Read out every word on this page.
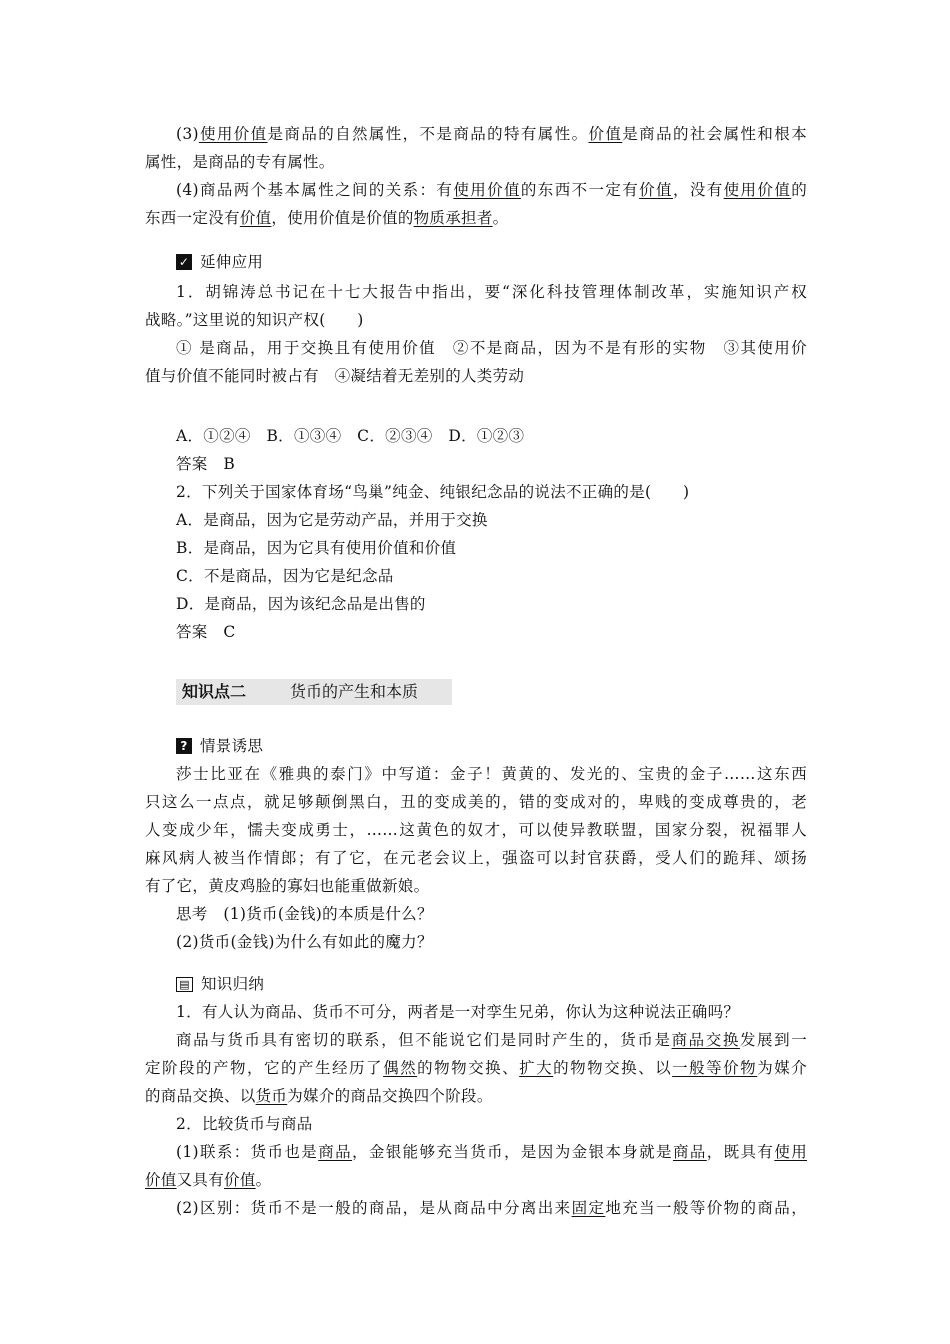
(3)使用价值是商品的自然属性，不是商品的特有属性。价值是商品的社会属性和根本
属性，是商品的专有属性。
(4)商品两个基本属性之间的关系：有使用价值的东西不一定有价值，没有使用价值的
东西一定没有价值，使用价值是价值的物质承担者。
✓ 延伸应用
1．胡锦涛总书记在十七大报告中指出，要“深化科技管理体制改革，实施知识产权
战略。”这里说的知识产权(　　)
① 是商品，用于交换且有使用价值　②不是商品，因为不是有形的实物　③其使用价
值与价值不能同时被占有　④凝结着无差别的人类劳动
A．①②④　B．①③④　C．②③④　D．①②③
答案　B
2．下列关于国家体育场“鸟巢”纯金、纯银纪念品的说法不正确的是(　　)
A．是商品，因为它是劳动产品，并用于交换
B．是商品，因为它具有使用价值和价值
C．不是商品，因为它是纪念品
D．是商品，因为该纪念品是出售的
答案　C
知识点二	货币的产生和本质
? 情景诱思
莎士比亚在《雅典的泰门》中写道：金子！黄黄的、发光的、宝贵的金子……这东西
只这么一点点，就足够颠倒黑白，丑的变成美的，错的变成对的，卑贱的变成尊贵的，老
人变成少年，懦夫变成勇士，……这黄色的奴才，可以使异教联盟，国家分裂，祝福罪人
麻风病人被当作情郎；有了它，在元老会议上，强盗可以封官获爵，受人们的跪拜、颂扬
有了它，黄皮鸡脸的寡妇也能重做新娘。
思考　(1)货币(金钱)的本质是什么？
(2)货币(金钱)为什么有如此的魔力？
▤ 知识归纳
1．有人认为商品、货币不可分，两者是一对孪生兄弟，你认为这种说法正确吗？
商品与货币具有密切的联系，但不能说它们是同时产生的，货币是商品交换发展到一
定阶段的产物，它的产生经历了偶然的物物交换、扩大的物物交换、以一般等价物为媒介
的商品交换、以货币为媒介的商品交换四个阶段。
2．比较货币与商品
(1)联系：货币也是商品，金银能够充当货币，是因为金银本身就是商品，既具有使用
价值又具有价值。
(2)区别：货币不是一般的商品，是从商品中分离出来固定地充当一般等价物的商品，
